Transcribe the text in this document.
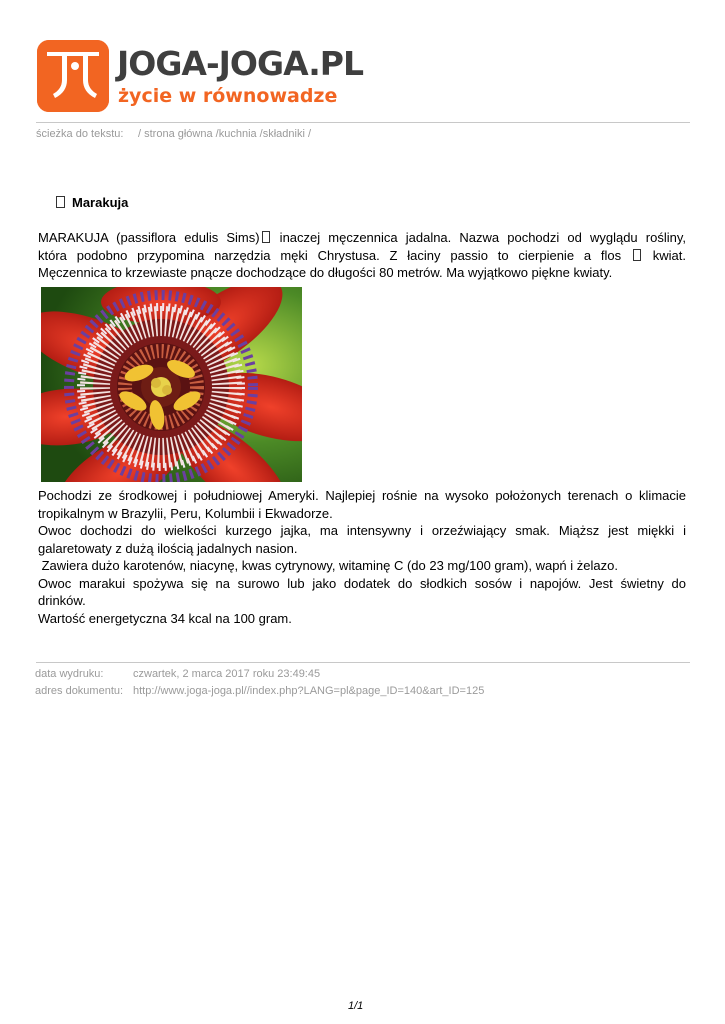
JOGA-JOGA.PL
życie w równowadze
ścieżka do tekstu: / strona główna /kuchnia /składniki /
Marakuja
MARAKUJA (passiflora edulis Sims) inaczej męczennica jadalna. Nazwa pochodzi od wyglądu rośliny,
która podobno przypomina narzędzia męki Chrystusa. Z łaciny passio to cierpienie a flos  kwiat.
Męczennica to krzewiaste pnącze dochodzące do długości 80 metrów. Ma wyjątkowo piękne kwiaty.
Pochodzi ze środkowej i południowej Ameryki. Najlepiej rośnie na wysoko położonych terenach o klimacie
tropikalnym w Brazylii, Peru, Kolumbii i Ekwadorze.
Owoc dochodzi do wielkości kurzego jajka, ma intensywny i orzeźwiający smak. Miąższ jest miękki i
galaretowaty z dużą ilością jadalnych nasion.
Zawiera dużo karotenów, niacynę, kwas cytrynowy, witaminę C (do 23 mg/100 gram), wapń i żelazo.
Owoc marakui spożywa się na surowo lub jako dodatek do słodkich sosów i napojów. Jest świetny do
drinków.
Wartość energetyczna 34 kcal na 100 gram.
data wydruku:	czwartek, 2 marca 2017 roku 23:49:45
adres dokumentu: http://www.joga-joga.pl//index.php?LANG=pl&page_ID=140&art_ID=125
1/1
